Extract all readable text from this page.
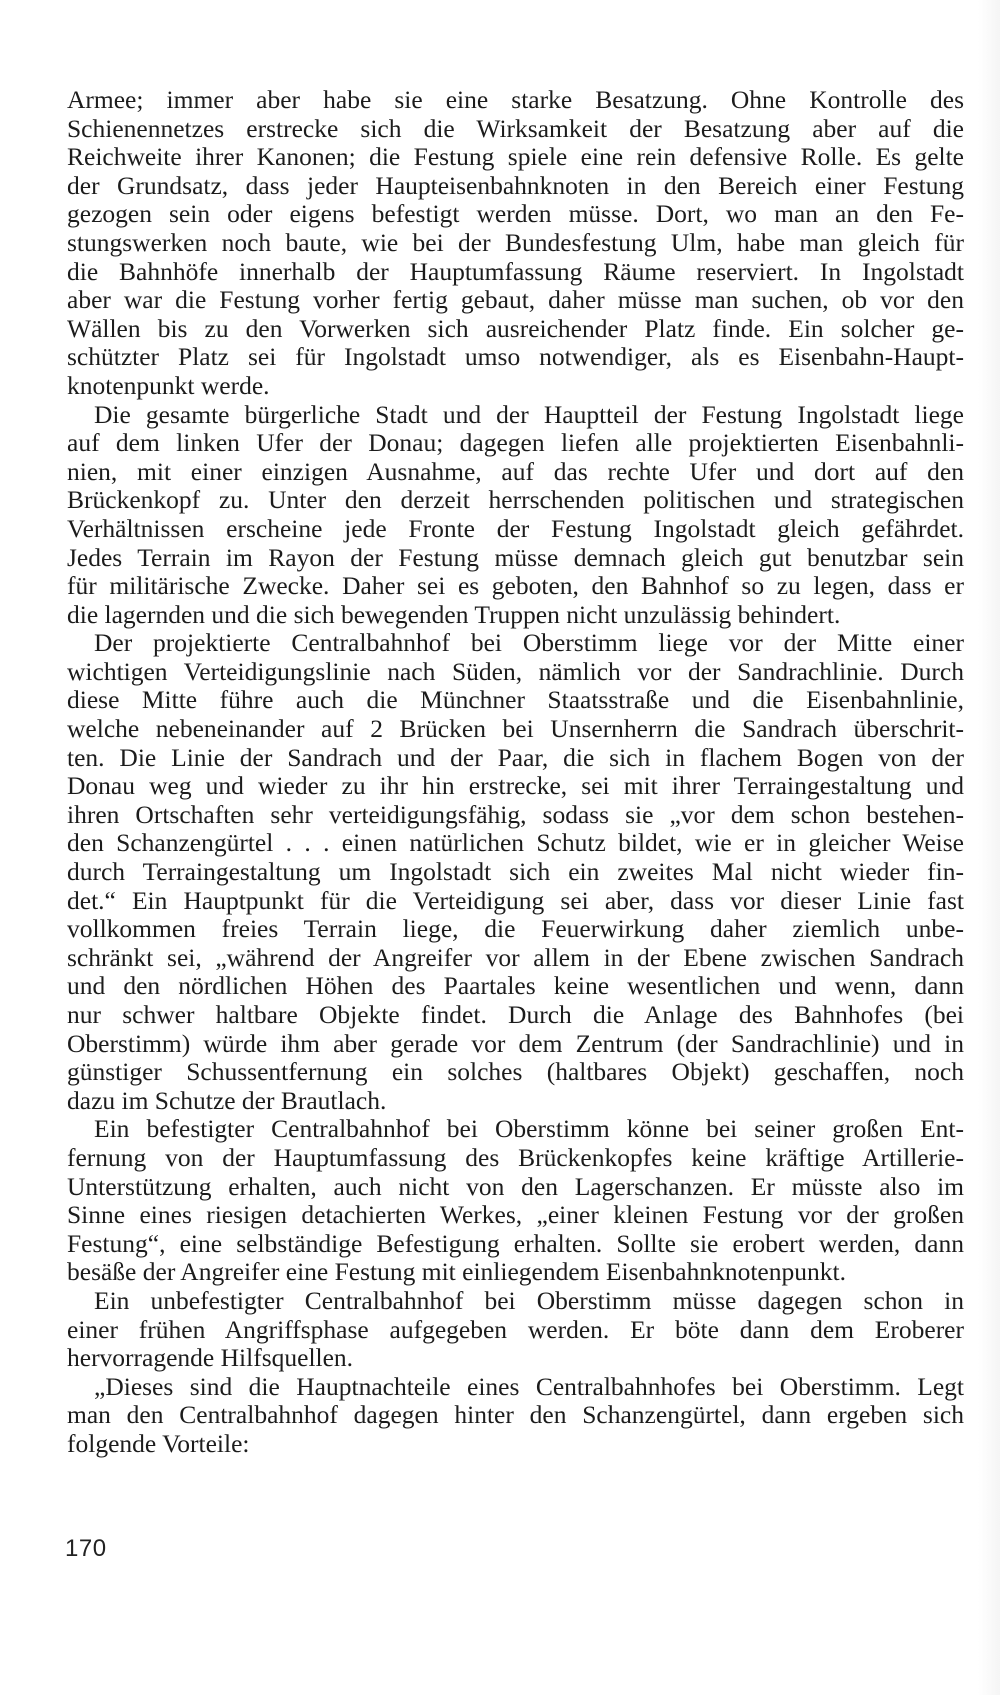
Armee; immer aber habe sie eine starke Besatzung. Ohne Kontrolle des
Schienennetzes erstrecke sich die Wirksamkeit der Besatzung aber auf die
Reichweite ihrer Kanonen; die Festung spiele eine rein defensive Rolle. Es gelte
der Grundsatz, dass jeder Haupteisenbahnknoten in den Bereich einer Festung
gezogen sein oder eigens befestigt werden müsse. Dort, wo man an den Fe-
stungswerken noch baute, wie bei der Bundesfestung Ulm, habe man gleich für
die Bahnhöfe innerhalb der Hauptumfassung Räume reserviert. In Ingolstadt
aber war die Festung vorher fertig gebaut, daher müsse man suchen, ob vor den
Wällen bis zu den Vorwerken sich ausreichender Platz finde. Ein solcher ge-
schützter Platz sei für Ingolstadt umso notwendiger, als es Eisenbahn-Haupt-
knotenpunkt werde.
Die gesamte bürgerliche Stadt und der Hauptteil der Festung Ingolstadt liege
auf dem linken Ufer der Donau; dagegen liefen alle projektierten Eisenbahnli-
nien, mit einer einzigen Ausnahme, auf das rechte Ufer und dort auf den
Brückenkopf zu. Unter den derzeit herrschenden politischen und strategischen
Verhältnissen erscheine jede Fronte der Festung Ingolstadt gleich gefährdet.
Jedes Terrain im Rayon der Festung müsse demnach gleich gut benutzbar sein
für militärische Zwecke. Daher sei es geboten, den Bahnhof so zu legen, dass er
die lagernden und die sich bewegenden Truppen nicht unzulässig behindert.
Der projektierte Centralbahnhof bei Oberstimm liege vor der Mitte einer
wichtigen Verteidigungslinie nach Süden, nämlich vor der Sandrachlinie. Durch
diese Mitte führe auch die Münchner Staatsstraße und die Eisenbahnlinie,
welche nebeneinander auf 2 Brücken bei Unsernherrn die Sandrach überschrit-
ten. Die Linie der Sandrach und der Paar, die sich in flachem Bogen von der
Donau weg und wieder zu ihr hin erstrecke, sei mit ihrer Terraingestaltung und
ihren Ortschaften sehr verteidigungsfähig, sodass sie „vor dem schon bestehen-
den Schanzengürtel . . . einen natürlichen Schutz bildet, wie er in gleicher Weise
durch Terraingestaltung um Ingolstadt sich ein zweites Mal nicht wieder fin-
det.“ Ein Hauptpunkt für die Verteidigung sei aber, dass vor dieser Linie fast
vollkommen freies Terrain liege, die Feuerwirkung daher ziemlich unbe-
schränkt sei, „während der Angreifer vor allem in der Ebene zwischen Sandrach
und den nördlichen Höhen des Paartales keine wesentlichen und wenn, dann
nur schwer haltbare Objekte findet. Durch die Anlage des Bahnhofes (bei
Oberstimm) würde ihm aber gerade vor dem Zentrum (der Sandrachlinie) und in
günstiger Schussentfernung ein solches (haltbares Objekt) geschaffen, noch
dazu im Schutze der Brautlach.
Ein befestigter Centralbahnhof bei Oberstimm könne bei seiner großen Ent-
fernung von der Hauptumfassung des Brückenkopfes keine kräftige Artillerie-
Unterstützung erhalten, auch nicht von den Lagerschanzen. Er müsste also im
Sinne eines riesigen detachierten Werkes, „einer kleinen Festung vor der großen
Festung“, eine selbständige Befestigung erhalten. Sollte sie erobert werden, dann
besäße der Angreifer eine Festung mit einliegendem Eisenbahnknotenpunkt.
Ein unbefestigter Centralbahnhof bei Oberstimm müsse dagegen schon in
einer frühen Angriffsphase aufgegeben werden. Er böte dann dem Eroberer
hervorragende Hilfsquellen.
„Dieses sind die Hauptnachteile eines Centralbahnhofes bei Oberstimm. Legt
man den Centralbahnhof dagegen hinter den Schanzengürtel, dann ergeben sich
folgende Vorteile:
170
